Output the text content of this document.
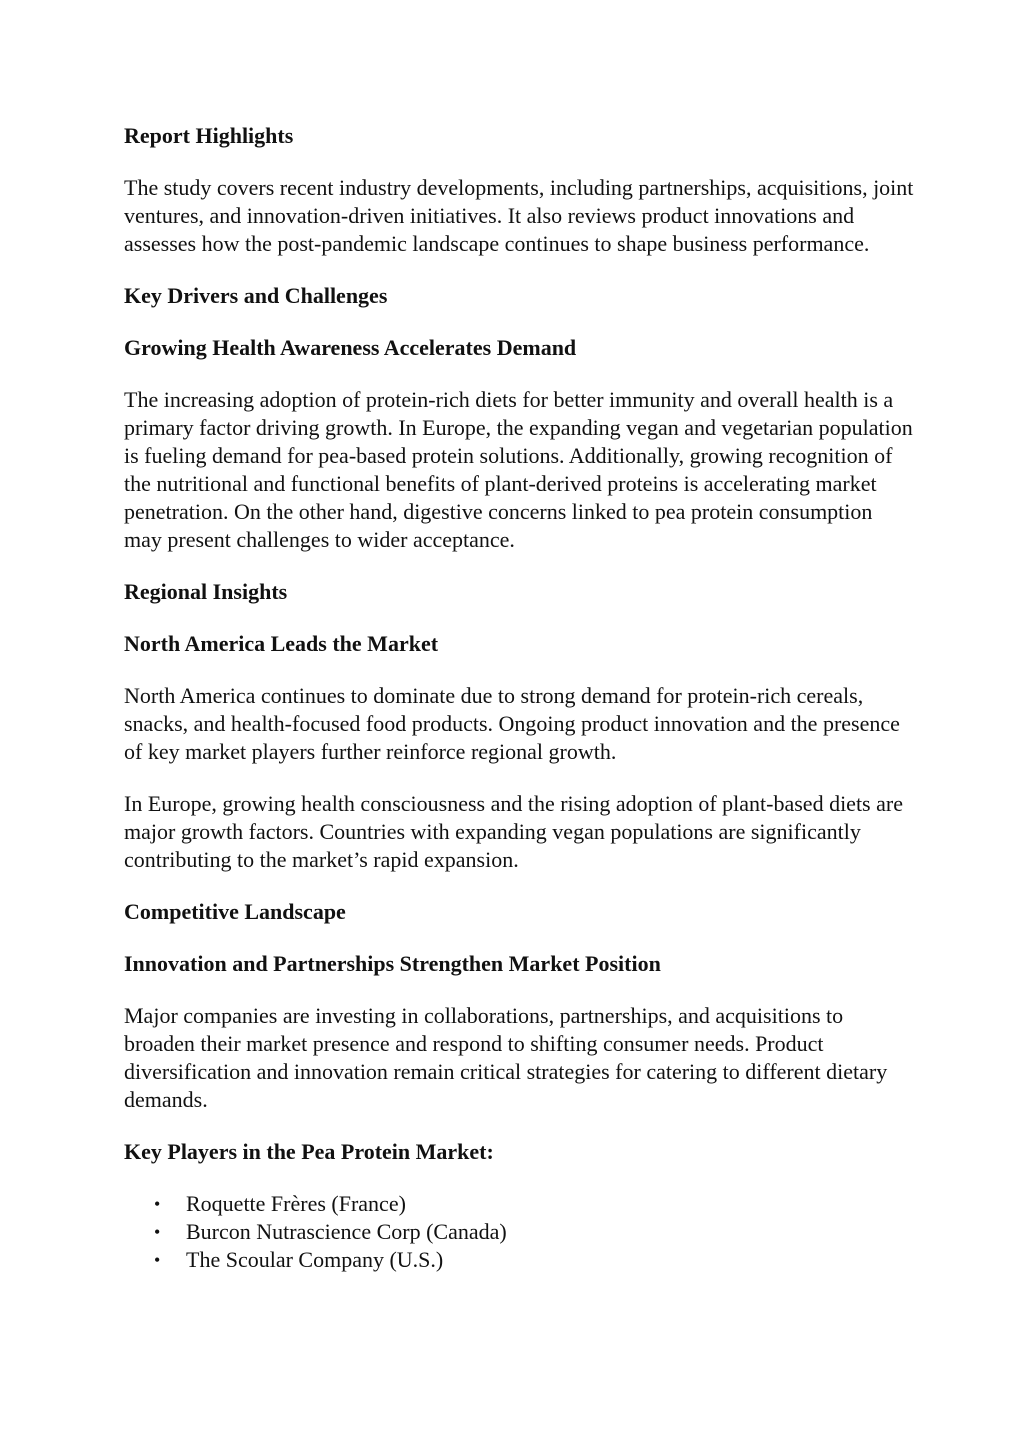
Report Highlights

The study covers recent industry developments, including partnerships, acquisitions, joint ventures, and innovation-driven initiatives. It also reviews product innovations and assesses how the post-pandemic landscape continues to shape business performance.

Key Drivers and Challenges
Growing Health Awareness Accelerates Demand

The increasing adoption of protein-rich diets for better immunity and overall health is a primary factor driving growth. In Europe, the expanding vegan and vegetarian population is fueling demand for pea-based protein solutions. Additionally, growing recognition of the nutritional and functional benefits of plant-derived proteins is accelerating market penetration. On the other hand, digestive concerns linked to pea protein consumption may present challenges to wider acceptance.

Regional Insights
North America Leads the Market

North America continues to dominate due to strong demand for protein-rich cereals, snacks, and health-focused food products. Ongoing product innovation and the presence of key market players further reinforce regional growth.

In Europe, growing health consciousness and the rising adoption of plant-based diets are major growth factors. Countries with expanding vegan populations are significantly contributing to the market’s rapid expansion.

Competitive Landscape
Innovation and Partnerships Strengthen Market Position

Major companies are investing in collaborations, partnerships, and acquisitions to broaden their market presence and respond to shifting consumer needs. Product diversification and innovation remain critical strategies for catering to different dietary demands.

Key Players in the Pea Protein Market:
• Roquette Frères (France)
• Burcon Nutrascience Corp (Canada)
• The Scoular Company (U.S.)
